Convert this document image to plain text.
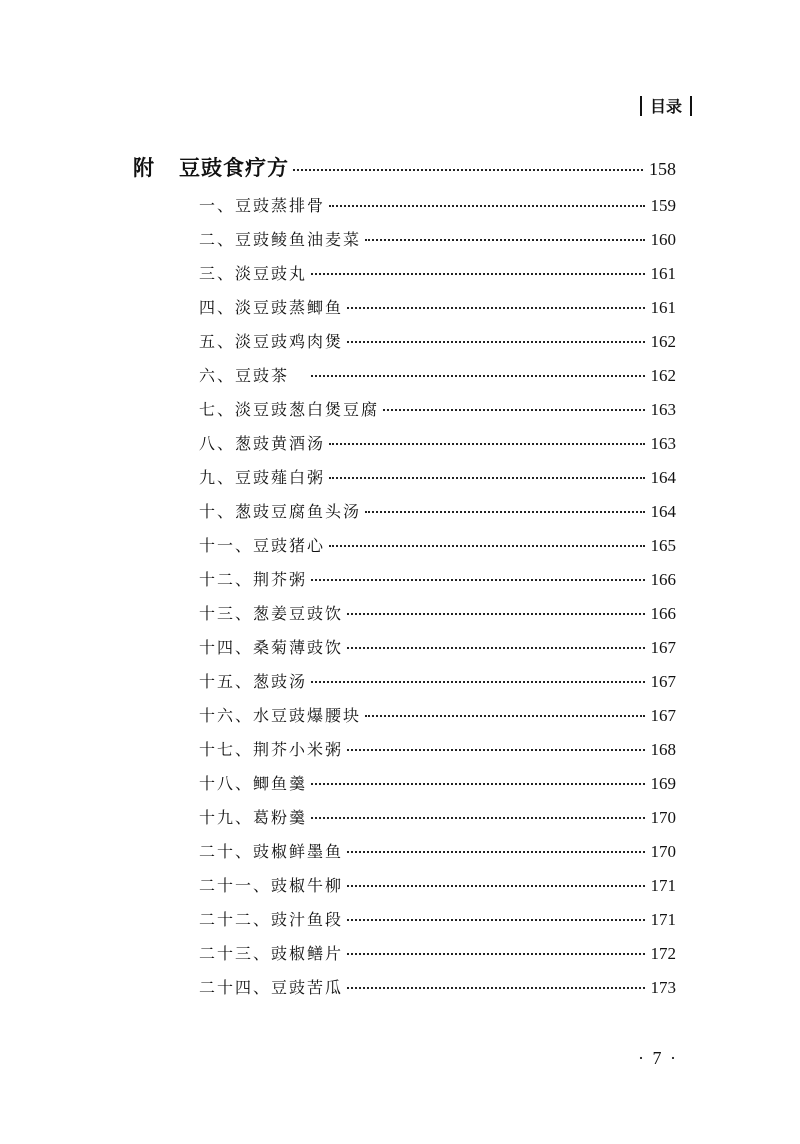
目录
附	豆豉食疗方	158
一、豆豉蒸排骨	159
二、豆豉鲮鱼油麦菜	160
三、淡豆豉丸	161
四、淡豆豉蒸鲫鱼	161
五、淡豆豉鸡肉煲	162
六、豆豉茶	162
七、淡豆豉葱白煲豆腐	163
八、葱豉黄酒汤	163
九、豆豉薤白粥	164
十、葱豉豆腐鱼头汤	164
十一、豆豉猪心	165
十二、荆芥粥	166
十三、葱姜豆豉饮	166
十四、桑菊薄豉饮	167
十五、葱豉汤	167
十六、水豆豉爆腰块	167
十七、荆芥小米粥	168
十八、鲫鱼羹	169
十九、葛粉羹	170
二十、豉椒鲜墨鱼	170
二十一、豉椒牛柳	171
二十二、豉汁鱼段	171
二十三、豉椒鳝片	172
二十四、豆豉苦瓜	173
· 7 ·
